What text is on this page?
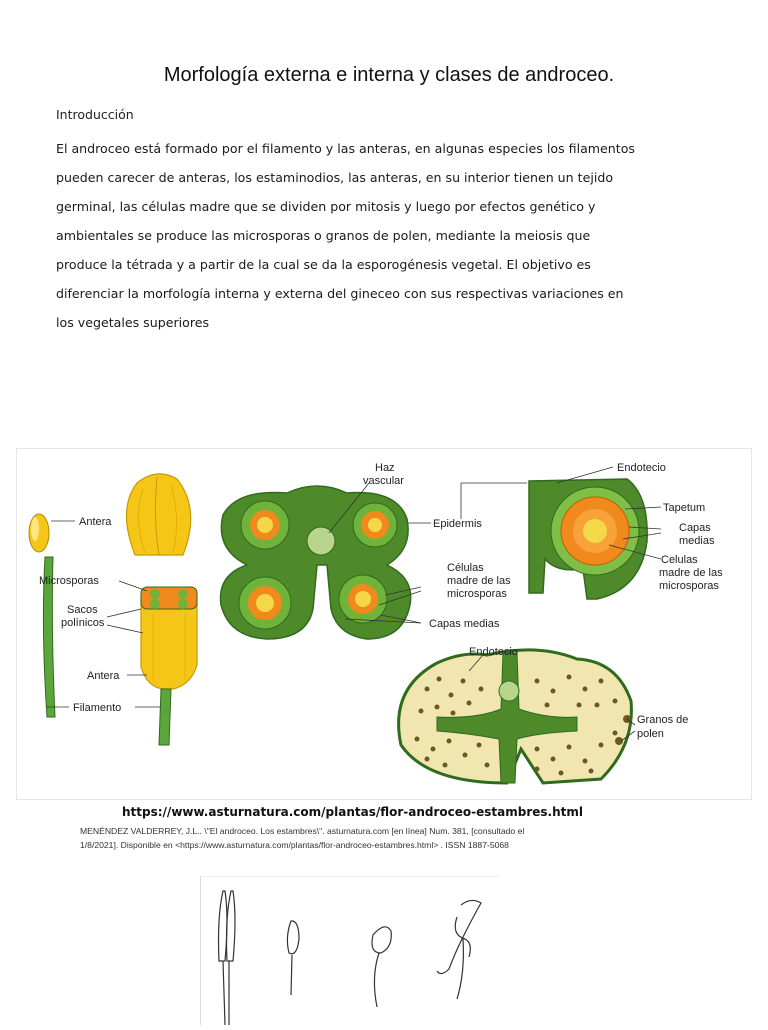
Morfología externa e interna y clases de androceo.
Introducción
El androceo está formado por el filamento y las anteras, en algunas especies los filamentos
pueden carecer de anteras, los estaminodios, las anteras, en su interior tienen un tejido
germinal, las células madre que se dividen por mitosis y luego por efectos genético y
ambientales se produce las microsporas o granos de polen, mediante la meiosis que
produce la tétrada y a partir de la cual se da la esporogénesis vegetal. El objetivo es
diferenciar la morfología interna y externa del gineceo con sus respectivas variaciones en
los vegetales superiores
Antera
Microsporas
Sacos
polínicos
Antera
Filamento
Haz
vascular
Epidermis
Células
madre de las
microsporas
Capas medias
Endotecio
Tapetum
Capas
medias
Celulas
madre de las
microsporas
Endotecio
Granos de
polen
https://www.asturnatura.com/plantas/flor-androceo-estambres.html
MENÉNDEZ VALDERREY, J.L.. \"El androceo. Los estambres\". asturnatura.com [en línea] Num. 381, [consultado el
1/8/2021]. Disponible en <https://www.asturnatura.com/plantas/flor-androceo-estambres.html> . ISSN 1887-5068
